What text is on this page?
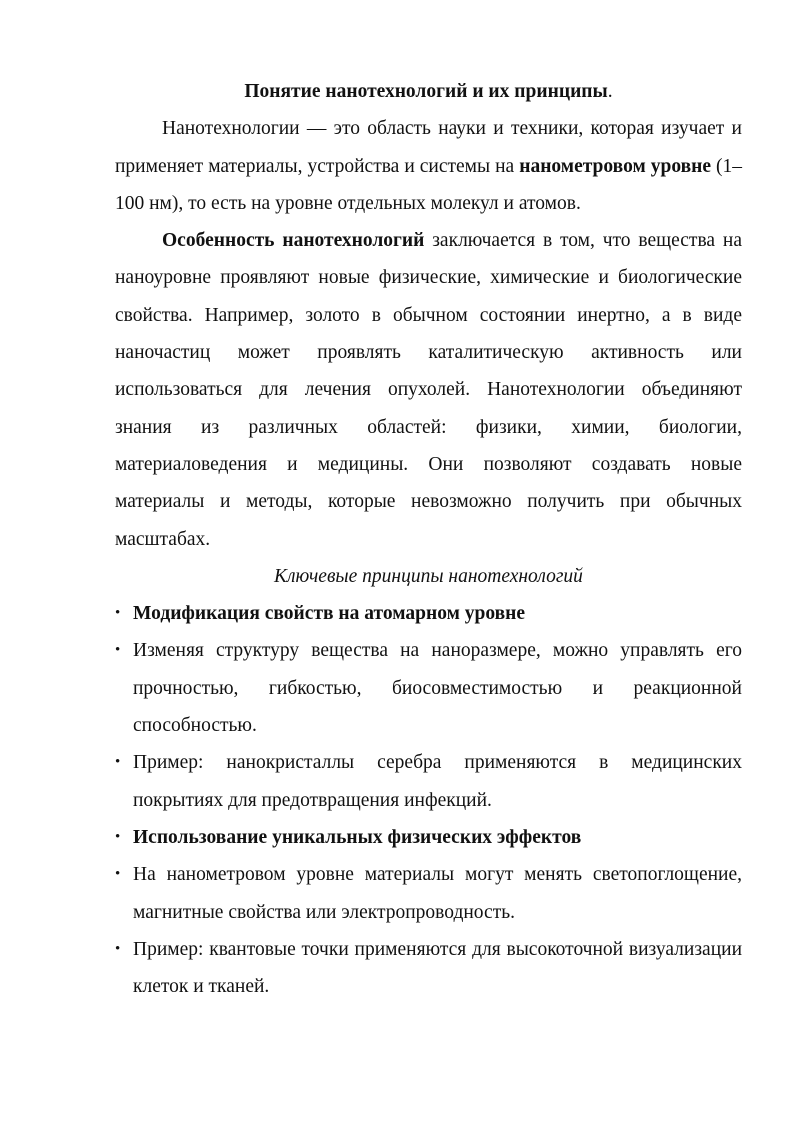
Понятие нанотехнологий и их принципы.

Нанотехнологии — это область науки и техники, которая изучает и применяет материалы, устройства и системы на нанометровом уровне (1–100 нм), то есть на уровне отдельных молекул и атомов.

Особенность нанотехнологий заключается в том, что вещества на наноуровне проявляют новые физические, химические и биологические свойства. Например, золото в обычном состоянии инертно, а в виде наночастиц может проявлять каталитическую активность или использоваться для лечения опухолей. Нанотехнологии объединяют знания из различных областей: физики, химии, биологии, материаловедения и медицины. Они позволяют создавать новые материалы и методы, которые невозможно получить при обычных масштабах.

Ключевые принципы нанотехнологий

• Модификация свойств на атомарном уровне
• Изменяя структуру вещества на наноразмере, можно управлять его прочностью, гибкостью, биосовместимостью и реакционной способностью.
• Пример: нанокристаллы серебра применяются в медицинских покрытиях для предотвращения инфекций.
• Использование уникальных физических эффектов
• На нанометровом уровне материалы могут менять светопоглощение, магнитные свойства или электропроводность.
• Пример: квантовые точки применяются для высокоточной визуализации клеток и тканей.
